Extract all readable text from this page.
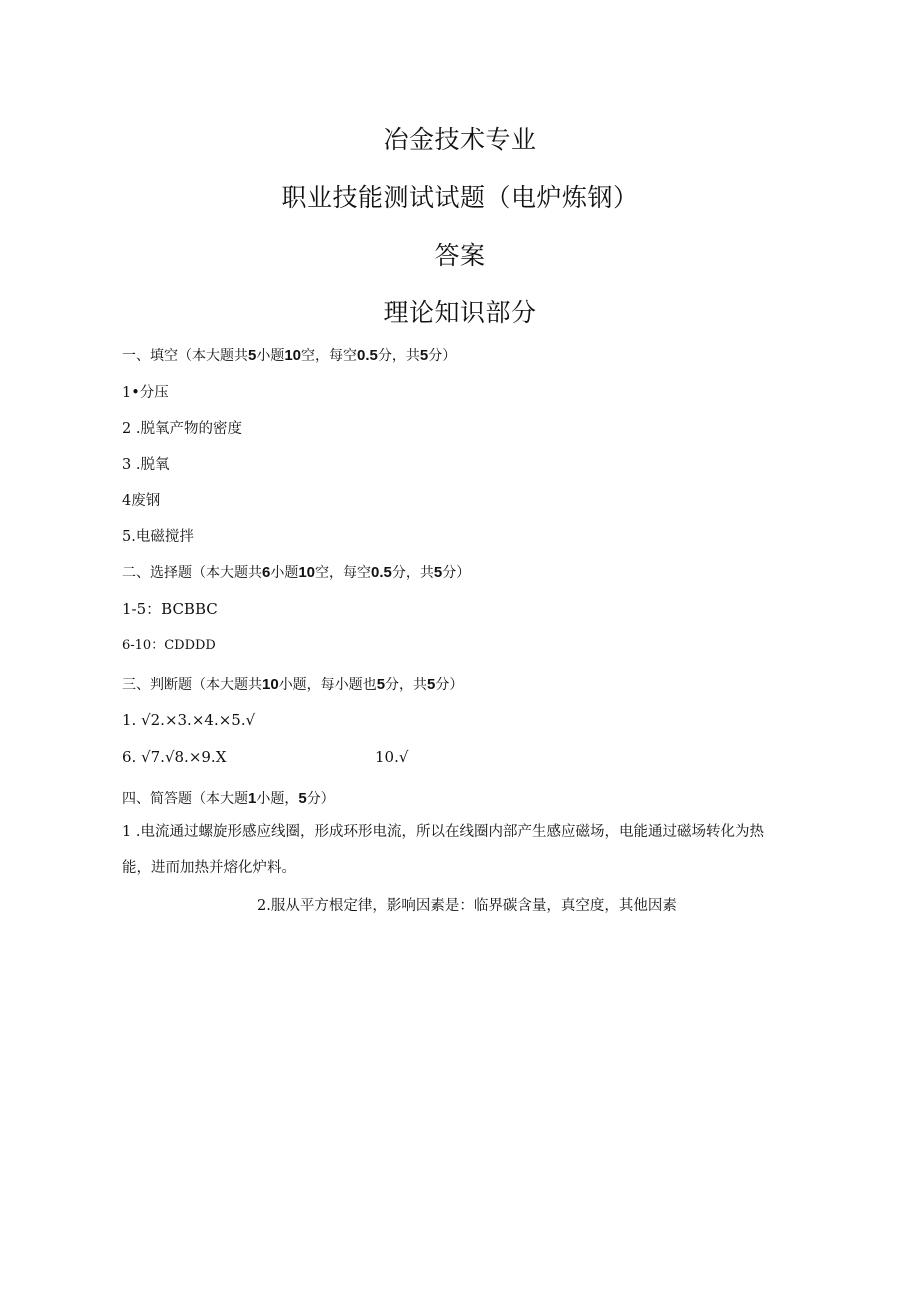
冶金技术专业
职业技能测试试题（电炉炼钢）
答案
理论知识部分
一、填空（本大题共5小题10空，每空0.5分，共5分）
1•分压
2 .脱氧产物的密度
3 .脱氧
4废钢
5.电磁搅拌
二、选择题（本大题共6小题10空，每空0.5分，共5分）
1-5：BCBBC
6-10：CDDDD
三、判断题（本大题共10小题，每小题也5分，共5分）
1. √2.×3.×4.×5.√
6. √7.√8.×9.X	10.√
四、简答题（本大题1小题，5分）
1 .电流通过螺旋形感应线圈，形成环形电流，所以在线圈内部产生感应磁场，电能通过磁场转化为热
能，进而加热并熔化炉料。
2.服从平方根定律，影响因素是：临界碳含量，真空度，其他因素
